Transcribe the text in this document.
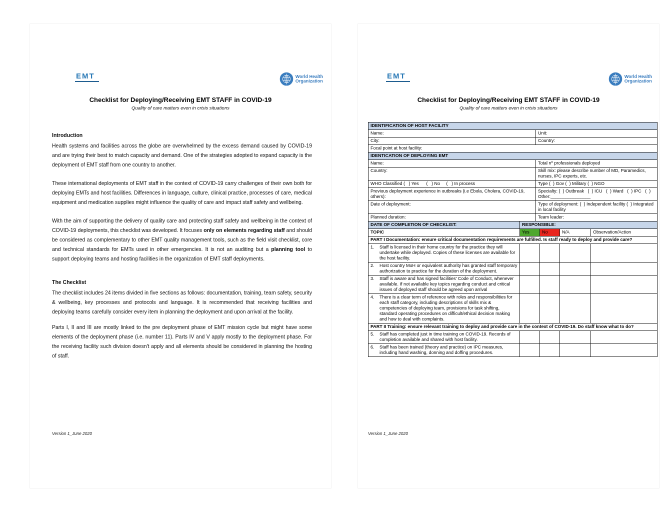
EMT	World Health
Organization
Checklist for Deploying/Receiving EMT STAFF in COVID-19
Quality of care matters even in crisis situations
Introduction

Health systems and facilities across the globe are overwhelmed by the excess demand caused by COVID-19 and are trying their best to match capacity and demand. One of the strategies adopted to expand capacity is the deployment of EMT staff from one country to another.

These international deployments of EMT staff in the context of COVID-19 carry challenges of their own both for deploying EMTs and host facilities. Differences in language, culture, clinical practice, processes of care, medical equipment and medication supplies might influence the quality of care and impact staff safety and wellbeing.

With the aim of supporting the delivery of quality care and protecting staff safety and wellbeing in the context of COVID-19 deployments, this checklist was developed. It focuses only on elements regarding staff and should be considered as complementary to other EMT quality management tools, such as the field visit checklist, core and technical standards for EMTs used in other emergencies. It is not an auditing but a planning tool to support deploying teams and hosting facilities in the organization of EMT staff deployments.

The Checklist

The checklist includes 24 items divided in five sections as follows: documentation, training, team safety, security & wellbeing, key processes and protocols and language. It is recommended that receiving facilities and deploying teams carefully consider every item in planning the deployment and upon arrival at the facility.

Parts I, II and III are mostly linked to the pre deployment phase of EMT mission cycle but might have some elements of the deployment phase (i.e. number 11). Parts IV and V apply mostly to the deployment phase. For the receiving facility such division doesn't apply and all elements should be considered in planning the hosting of staff.

Version 1_June 2020
EMT	World Health
Organization
Checklist for Deploying/Receiving EMT STAFF in COVID-19
Quality of care matters even in crisis situations
IDENTIFICATION OF HOST FACILITY	
Name:	Unit:
City:	Country:
Focal point at host facility:	
IDENTICATION OF DEPLOYING EMT	
Name:	Total nº professionals deployed
Country:	Skill mix: please describe number of MD, Paramedics, nurses, IPC experts, etc.
WHO Classified (   ) Yes      (   ) No     (   ) In process	Type (  ) Gov (  ) Military (  ) NGO
Previous deployment experience in outbreaks (i.e Ebola, Cholera, COVID-19, others):	Specialty: (  ) Outbreak   (  ) ICU   (  ) Ward   (  ) IPC   (  ) Other:________________
Date of deployment:	Type of deployment: (  ) Independent facility (  ) Integrated in local facility
Planned duration:	Team leader:
DATE OF COMPLETION OF CHECKLIST:	RESPONSIBLE:			
TOPIC	Yes	No	N/A	Observation/Action
PART I Documentation: ensure critical documentation requirements are fulfilled. Is staff ready to deploy and provide care?				

1. Staff is licensed in their home country for the practice they will undertake while deployed. Copies of these licenses are available for the host facility.				

2. Host country MoH or equivalent authority has granted staff temporary authorization to practice for the duration of the deployment.				

3. Staff is aware and has signed facilities' Code of Conduct, whenever available. If not available key topics regarding conduct and critical issues of deployed staff should be agreed upon arrival				

4. There is a clear term of reference with roles and responsibilities for each staff category, including descriptions of skills mix & competencies of deploying team, provisions for task shifting, standard operating procedures on difficult/ethical decision making and how to deal with complaints.				

PART II Training: ensure relevant training to deploy and provide care in the context of COVID-19. Do staff know what to do?				

5. Staff has completed just in time training on COVID-19. Records of completion available and shared with host facility.				

6. Staff has been trained (theory and practice) on IPC measures, including hand washing, donning and doffing procedures.				

Version 1_June 2020
